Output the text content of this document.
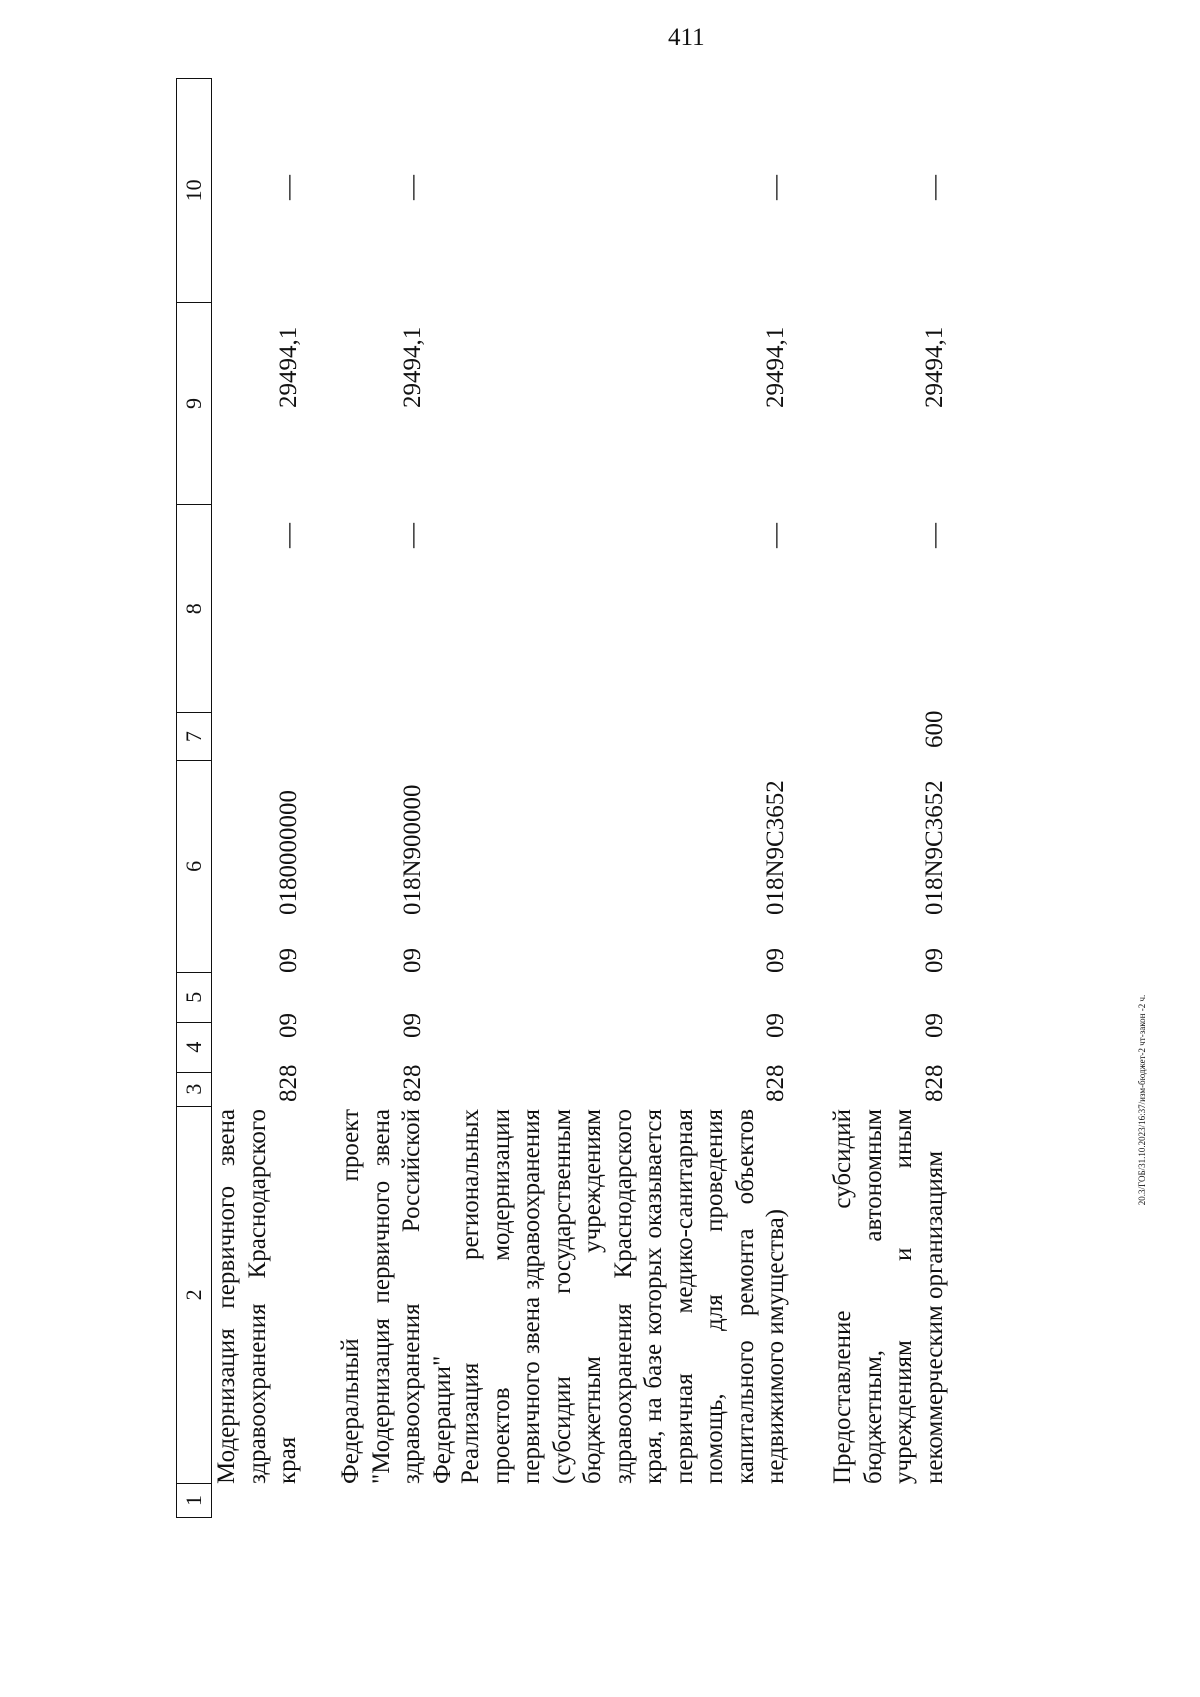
411
20.3/ГОБ/31.10.2023/16:37/изм-бюджет-2 чт-закон -2 ч.
1
2
3
4
5
6
7
8
9
10
Модернизация первичного звена здравоохранения Краснодарского края
828
09
09
0180000000
—
29494,1
—
Федеральный проект "Модернизация первичного звена здравоохранения Российской Федерации"
828
09
09
018N900000
—
29494,1
—
Реализация региональных проектов модернизации первичного звена здравоохранения (субсидии государственным бюджетным учреждениям здравоохранения Краснодарского края, на базе которых оказывается первичная медико-санитарная помощь, для проведения капитального ремонта объектов недвижимого имущества)
828
09
09
018N9С3652
—
29494,1
—
Предоставление субсидий бюджетным, автономным учреждениям и иным некоммерческим организациям
828
09
09
018N9С3652
600
—
29494,1
—
